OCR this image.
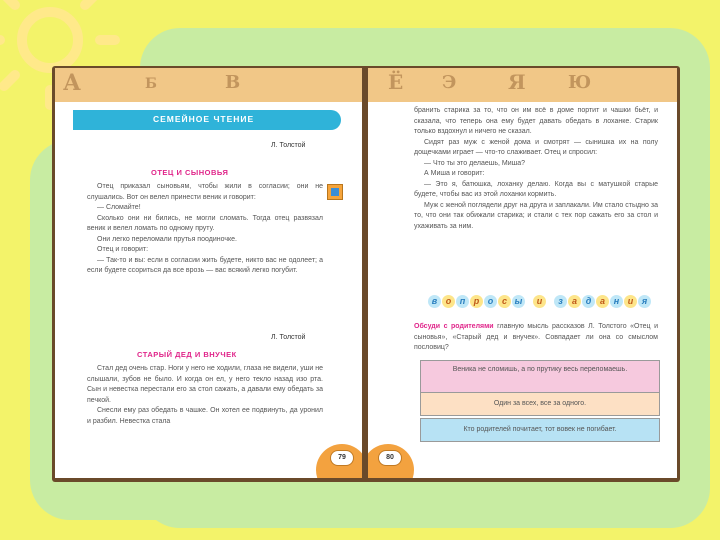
А	Б	В
СЕМЕЙНОЕ ЧТЕНИЕ
Л. Толстой
ОТЕЦ И СЫНОВЬЯ

Отец приказал сыновьям, чтобы жили в согласии; они не слушались. Вот он велел принести веник и говорит:

— Сломайте!

Сколько они ни бились, не могли сломать. Тогда отец развязал веник и велел ломать по одному пруту.

Они легко переломали прутья поодиночке.

Отец и говорит:

— Так-то и вы: если в согласии жить будете, никто вас не одолеет; а если будете ссориться да все врозь — вас всякий легко погубит.

Л. Толстой
СТАРЫЙ ДЕД И ВНУЧЕК

Стал дед очень стар. Ноги у него не ходили, глаза не видели, уши не слышали, зубов не было. И когда он ел, у него текло назад изо рта. Сын и невестка перестали его за стол сажать, а давали ему обедать за печкой.

Снесли ему раз обедать в чашке. Он хотел ее подвинуть, да уронил и разбил. Невестка стала

79
Ё Э	Я Ю

бранить старика за то, что он им всё в доме портит и чашки бьёт, и сказала, что теперь она ему будет давать обедать в лоханке. Старик только вздохнул и ничего не сказал.

Сидят раз муж с женой дома и смотрят — сынишка их на полу дощечками играет — что-то слаживает. Отец и спросил:

— Что ты это делаешь, Миша?

А Миша и говорит:

— Это я, батюшка, лоханку делаю. Когда вы с матушкой старые будете, чтобы вас из этой лоханки кормить.

Муж с женой поглядели друг на друга и заплакали. Им стало стыдно за то, что они так обижали старика; и стали с тех пор сажать его за стол и ухаживать за ним.

в о п р о с ы	и	з	а д а н и я
Обсуди с родителями главную мысль рассказов Л. Толстого «Отец и сыновья», «Старый дед и внучек». Совпадает ли она со смыслом пословиц?
Веника не сломишь, а по прутику весь переломаешь.
Один за всех, все за одного.
Кто родителей почитает, тот вовек не погибает.
80
